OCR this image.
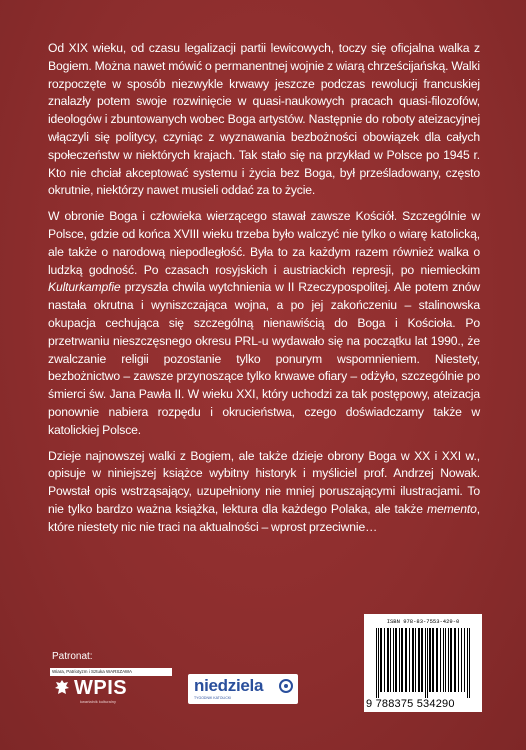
Od XIX wieku, od czasu legalizacji partii lewicowych, toczy się oficjalna walka z Bogiem. Można nawet mówić o permanentnej wojnie z wiarą chrześcijańską. Walki rozpoczęte w sposób niezwykle krwawy jeszcze podczas rewolucji francuskiej znalazły potem swoje rozwinięcie w quasi-naukowych pracach quasi-filozofów, ideologów i zbuntowanych wobec Boga artystów. Następnie do roboty ateizacyjnej włączyli się politycy, czyniąc z wyznawania bezbożności obowiązek dla całych społeczeństw w niektórych krajach. Tak stało się na przykład w Polsce po 1945 r. Kto nie chciał akceptować systemu i życia bez Boga, był prześladowany, często okrutnie, niektórzy nawet musieli oddać za to życie.

W obronie Boga i człowieka wierzącego stawał zawsze Kościół. Szczególnie w Polsce, gdzie od końca XVIII wieku trzeba było walczyć nie tylko o wiarę katolicką, ale także o narodową niepodległość. Była to za każdym razem również walka o ludzką godność. Po czasach rosyjskich i austriackich represji, po niemieckim Kulturkampfie przyszła chwila wytchnienia w II Rzeczypospolitej. Ale potem znów nastała okrutna i wyniszczająca wojna, a po jej zakończeniu – stalinowska okupacja cechująca się szczególną nienawiścią do Boga i Kościoła. Po przetrwaniu nieszczęsnego okresu PRL-u wydawało się na początku lat 1990., że zwalczanie religii pozostanie tylko ponurym wspomnieniem. Niestety, bezbożnictwo – zawsze przynoszące tylko krwawe ofiary – odżyło, szczególnie po śmierci św. Jana Pawła II. W wieku XXI, który uchodzi za tak postępowy, ateizacja ponownie nabiera rozpędu i okrucieństwa, czego doświadczamy także w katolickiej Polsce.

Dzieje najnowszej walki z Bogiem, ale także dzieje obrony Boga w XX i XXI w., opisuje w niniejszej książce wybitny historyk i myśliciel prof. Andrzej Nowak. Powstał opis wstrząsający, uzupełniony nie mniej poruszającymi ilustracjami. To nie tylko bardzo ważna książka, lektura dla każdego Polaka, ale także memento, które niestety nic nie traci na aktualności – wprost przeciwnie…

Patronat:
Wiara, Patriotyzm i Sztuka WARSZAWA
WPIS
kwartalnik kulturalny
niedziela
TYGODNIK KATOLICKI
ISBN 978-83-7553-429-0
9 788375 534290
